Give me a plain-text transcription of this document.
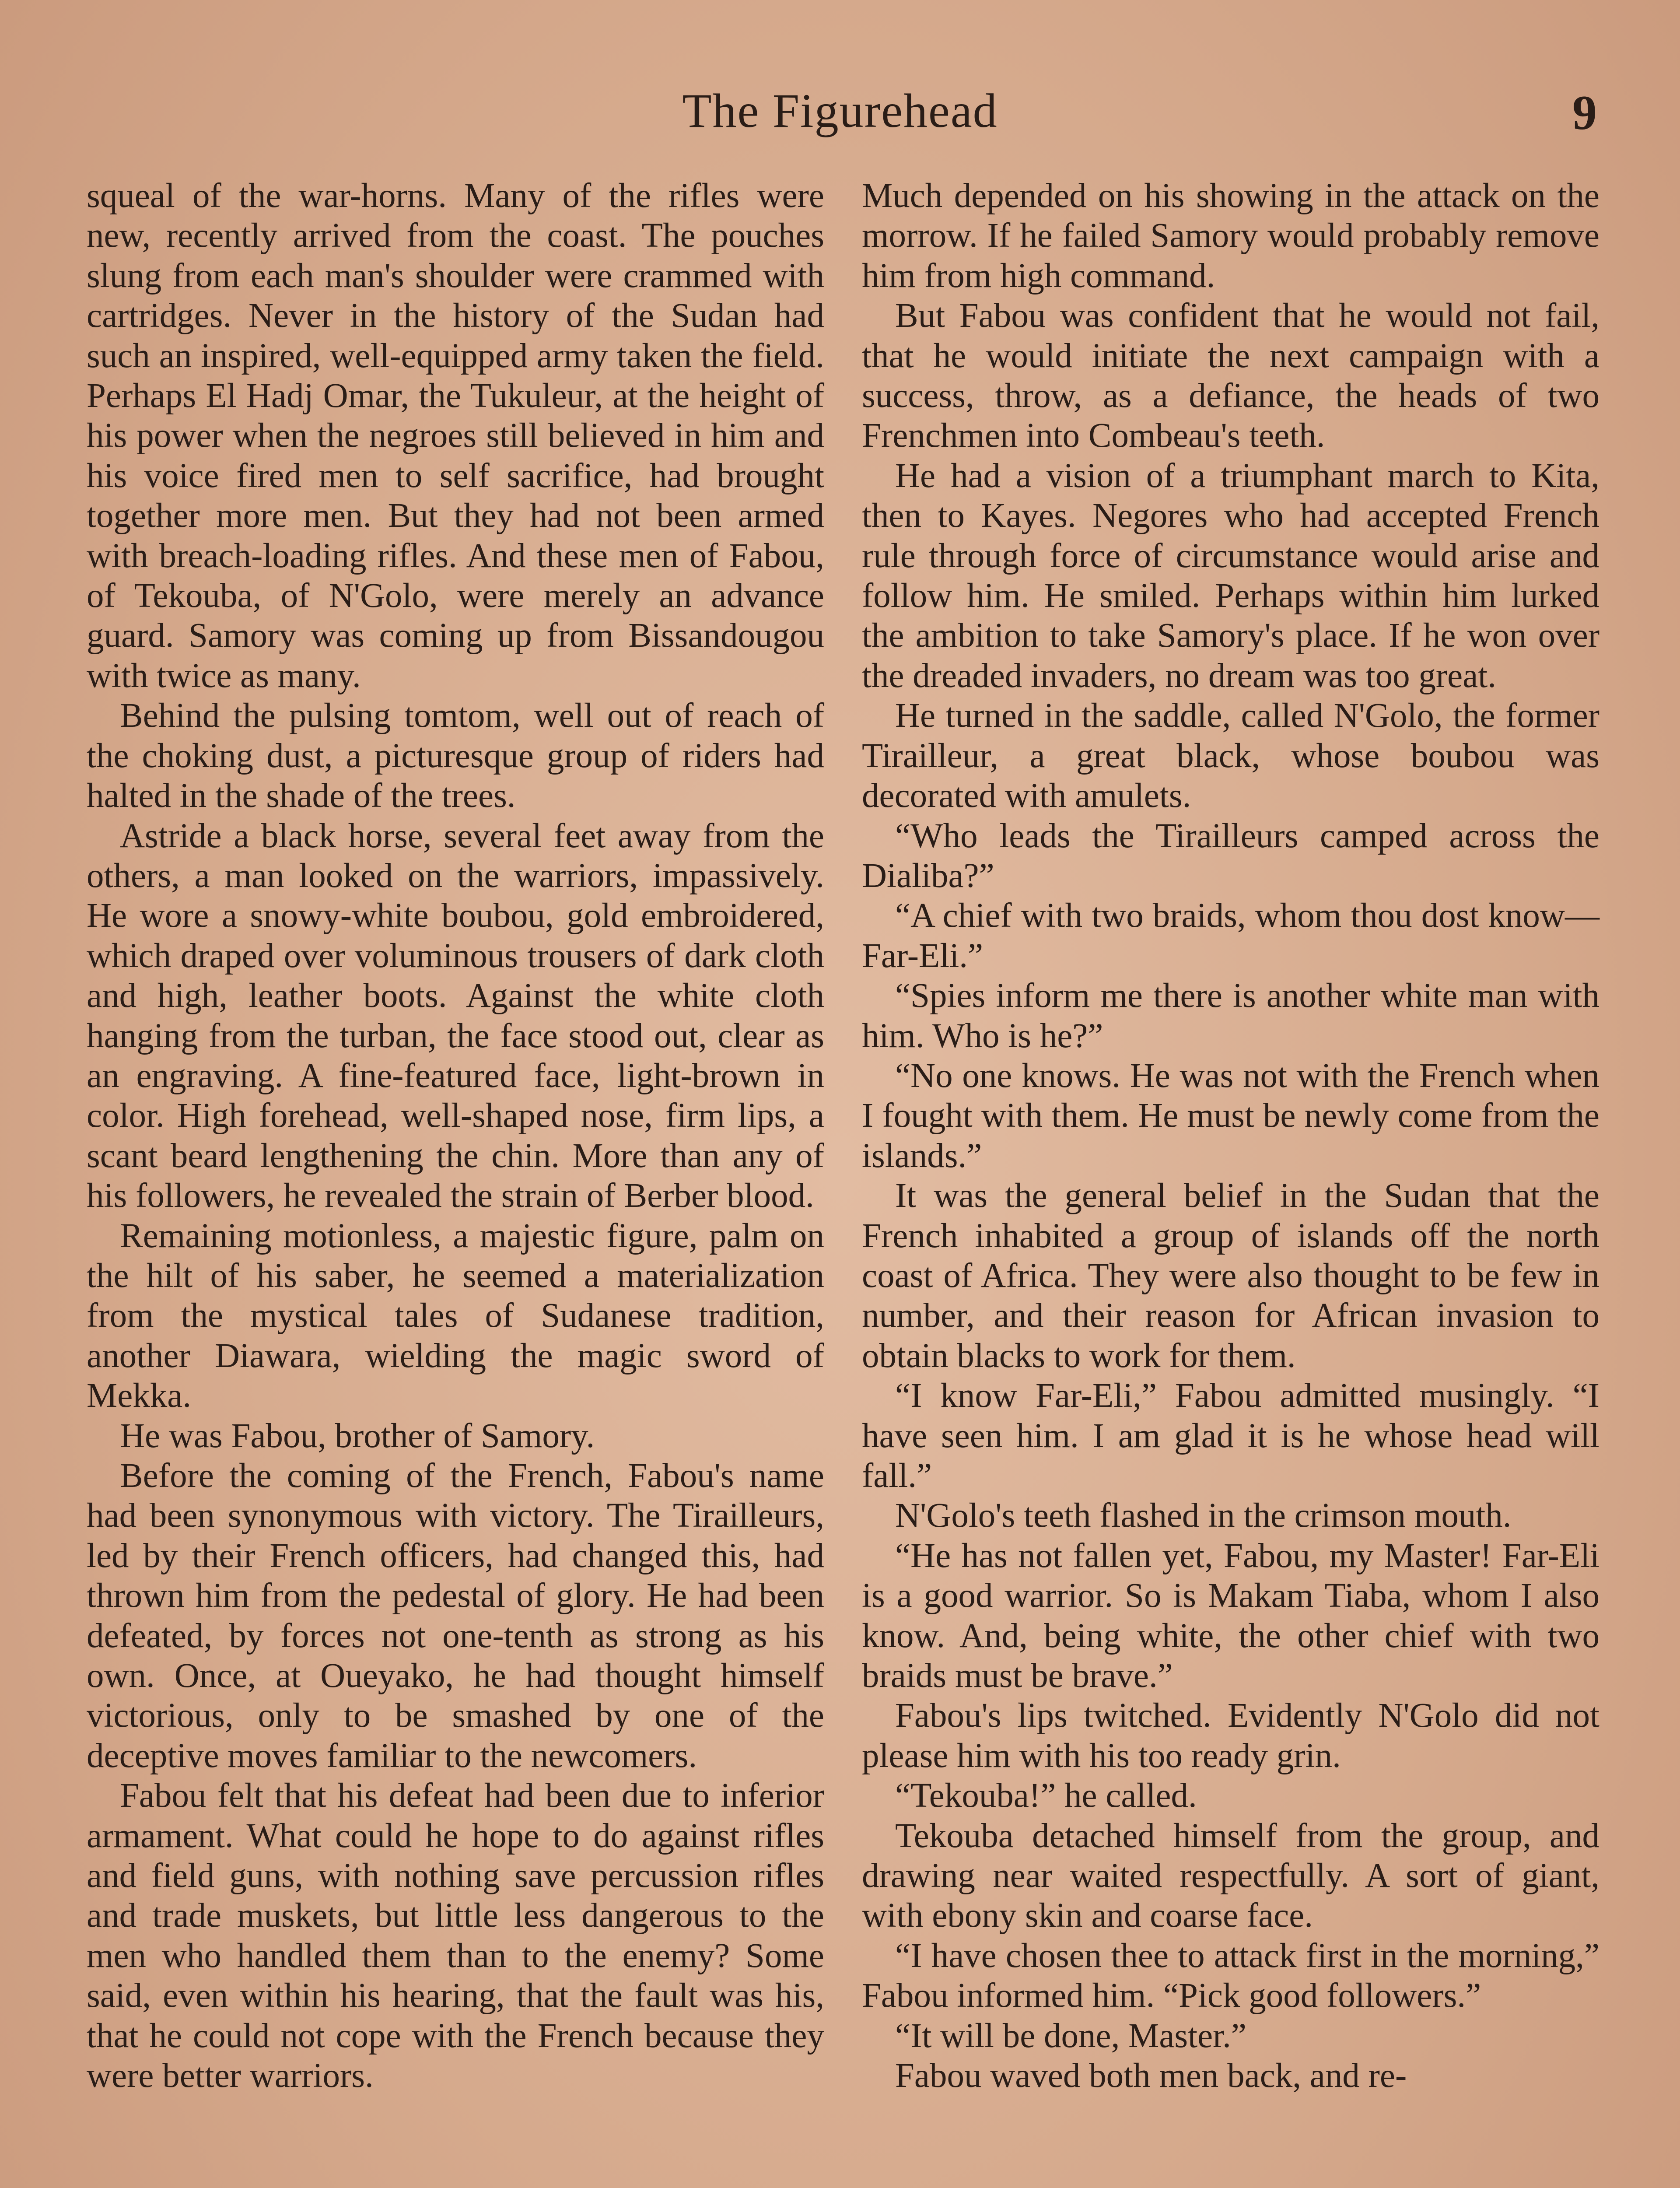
The Figurehead	9

squeal of the war-horns. Many of the rifles were new, recently arrived from the coast. The pouches slung from each man's shoulder were crammed with cartridges. Never in the history of the Sudan had such an inspired, well-equipped army taken the field. Perhaps El Hadj Omar, the Tukuleur, at the height of his power when the negroes still believed in him and his voice fired men to self sacrifice, had brought together more men. But they had not been armed with breach-loading rifles. And these men of Fabou, of Tekouba, of N'Golo, were merely an advance guard. Samory was coming up from Bissandougou with twice as many.

Behind the pulsing tomtom, well out of reach of the choking dust, a picturesque group of riders had halted in the shade of the trees.

Astride a black horse, several feet away from the others, a man looked on the warriors, impassively. He wore a snowy-white boubou, gold embroidered, which draped over voluminous trousers of dark cloth and high, leather boots. Against the white cloth hanging from the turban, the face stood out, clear as an engraving. A fine-featured face, light-brown in color. High forehead, well-shaped nose, firm lips, a scant beard lengthening the chin. More than any of his followers, he revealed the strain of Berber blood.

Remaining motionless, a majestic figure, palm on the hilt of his saber, he seemed a materialization from the mystical tales of Sudanese tradition, another Diawara, wielding the magic sword of Mekka.

He was Fabou, brother of Samory.

Before the coming of the French, Fabou's name had been synonymous with victory. The Tirailleurs, led by their French officers, had changed this, had thrown him from the pedestal of glory. He had been defeated, by forces not one-tenth as strong as his own. Once, at Oueyako, he had thought himself victorious, only to be smashed by one of the deceptive moves familiar to the newcomers.

Fabou felt that his defeat had been due to inferior armament. What could he hope to do against rifles and field guns, with nothing save percussion rifles and trade muskets, but little less dangerous to the men who handled them than to the enemy? Some said, even within his hearing, that the fault was his, that he could not cope with the French because they were better warriors.

Much depended on his showing in the attack on the morrow. If he failed Samory would probably remove him from high command.

But Fabou was confident that he would not fail, that he would initiate the next campaign with a success, throw, as a defiance, the heads of two Frenchmen into Combeau's teeth.

He had a vision of a triumphant march to Kita, then to Kayes. Negores who had accepted French rule through force of circumstance would arise and follow him. He smiled. Perhaps within him lurked the ambition to take Samory's place. If he won over the dreaded invaders, no dream was too great.

He turned in the saddle, called N'Golo, the former Tirailleur, a great black, whose boubou was decorated with amulets.

“Who leads the Tirailleurs camped across the Dialiba?”

“A chief with two braids, whom thou dost know—Far-Eli.”

“Spies inform me there is another white man with him. Who is he?”

“No one knows. He was not with the French when I fought with them. He must be newly come from the islands.”

It was the general belief in the Sudan that the French inhabited a group of islands off the north coast of Africa. They were also thought to be few in number, and their reason for African invasion to obtain blacks to work for them.

“I know Far-Eli,” Fabou admitted musingly. “I have seen him. I am glad it is he whose head will fall.”

N'Golo's teeth flashed in the crimson mouth.

“He has not fallen yet, Fabou, my Master! Far-Eli is a good warrior. So is Makam Tiaba, whom I also know. And, being white, the other chief with two braids must be brave.”

Fabou's lips twitched. Evidently N'Golo did not please him with his too ready grin.

“Tekouba!” he called.

Tekouba detached himself from the group, and drawing near waited respectfully. A sort of giant, with ebony skin and coarse face.

“I have chosen thee to attack first in the morning,” Fabou informed him. “Pick good followers.”

“It will be done, Master.”

Fabou waved both men back, and re-
